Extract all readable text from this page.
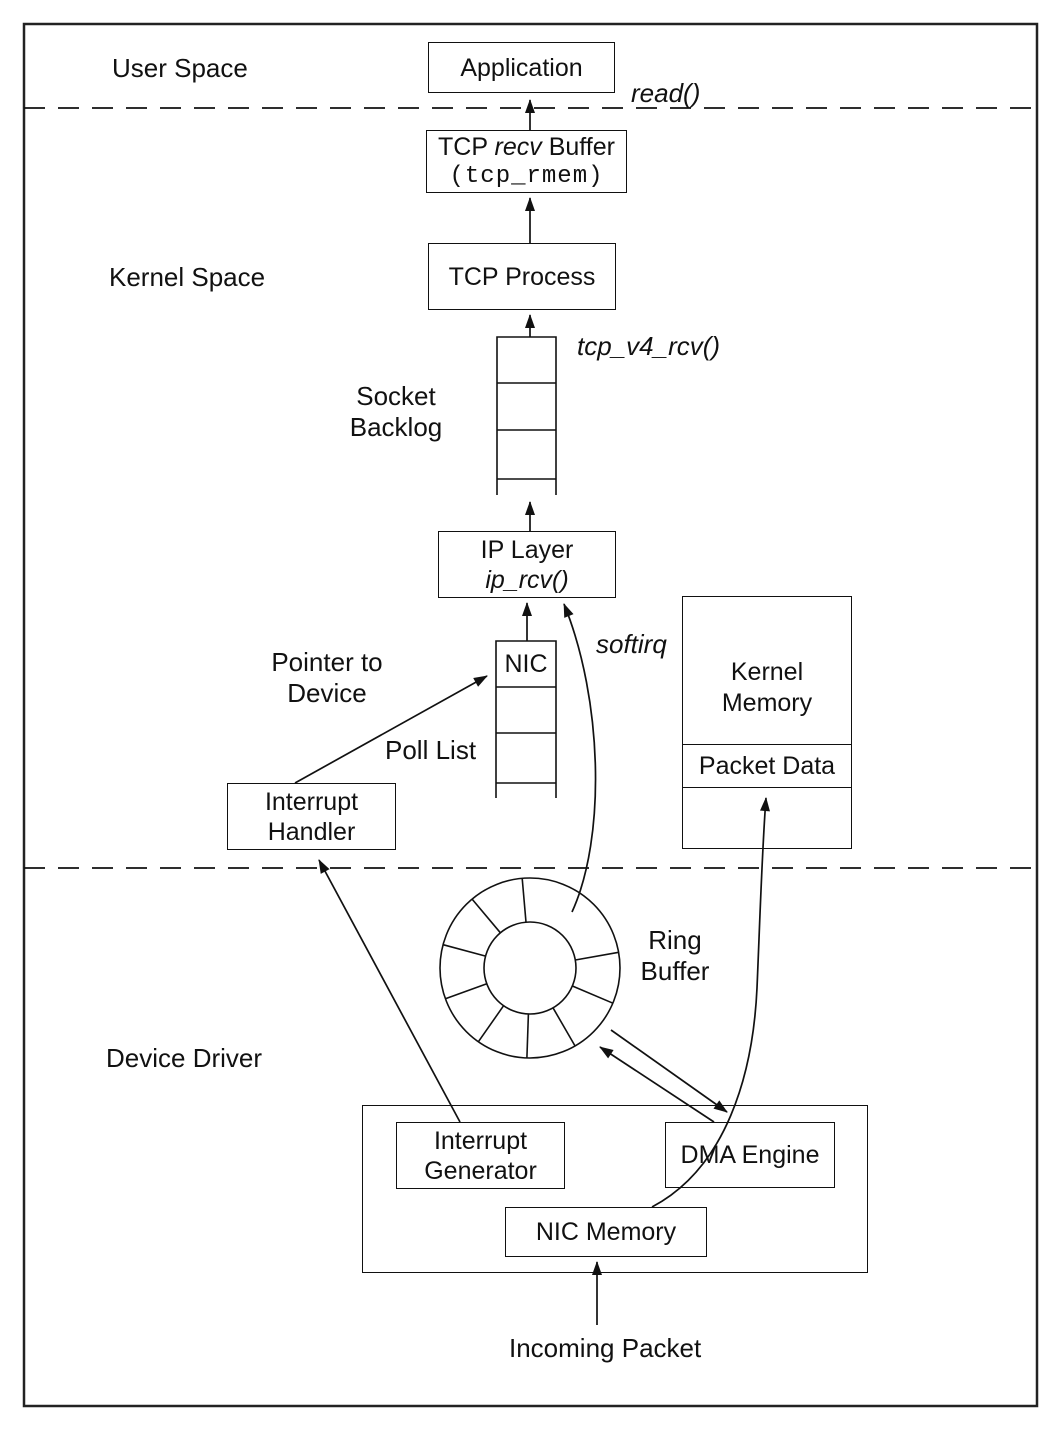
User Space
Kernel Space
Device Driver
Application
TCP recv Buffer
(tcp_rmem)
TCP Process
Socket
Backlog
IP Layer
ip_rcv()
NIC
Pointer to
Device
Poll List
Interrupt
Handler
Kernel
Memory
Packet Data
Ring
Buffer
Interrupt
Generator
DMA Engine
NIC Memory
Incoming Packet
read()
tcp_v4_rcv()
softirq
